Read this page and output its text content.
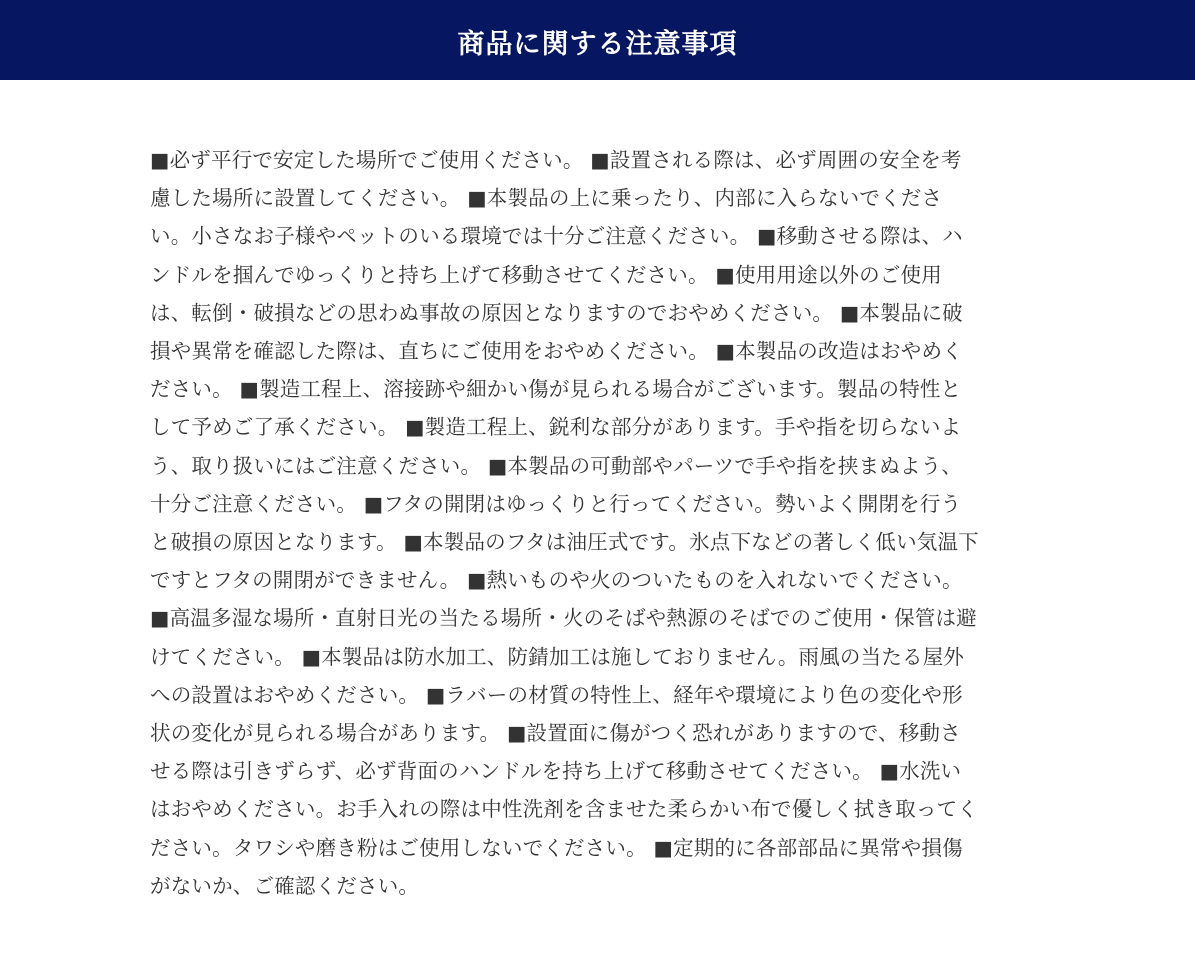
商品に関する注意事項

■必ず平行で安定した場所でご使用ください。 ■設置される際は、必ず周囲の安全を考
慮した場所に設置してください。 ■本製品の上に乗ったり、内部に入らないでくださ
い。小さなお子様やペットのいる環境では十分ご注意ください。 ■移動させる際は、ハ
ンドルを掴んでゆっくりと持ち上げて移動させてください。 ■使用用途以外のご使用
は、転倒・破損などの思わぬ事故の原因となりますのでおやめください。 ■本製品に破
損や異常を確認した際は、直ちにご使用をおやめください。 ■本製品の改造はおやめく
ださい。 ■製造工程上、溶接跡や細かい傷が見られる場合がございます。製品の特性と
して予めご了承ください。 ■製造工程上、鋭利な部分があります。手や指を切らないよ
う、取り扱いにはご注意ください。 ■本製品の可動部やパーツで手や指を挟まぬよう、
十分ご注意ください。 ■フタの開閉はゆっくりと行ってください。勢いよく開閉を行う
と破損の原因となります。 ■本製品のフタは油圧式です。氷点下などの著しく低い気温下
ですとフタの開閉ができません。 ■熱いものや火のついたものを入れないでください。
■高温多湿な場所・直射日光の当たる場所・火のそばや熱源のそばでのご使用・保管は避
けてください。 ■本製品は防水加工、防錆加工は施しておりません。雨風の当たる屋外
への設置はおやめください。 ■ラバーの材質の特性上、経年や環境により色の変化や形
状の変化が見られる場合があります。 ■設置面に傷がつく恐れがありますので、移動さ
せる際は引きずらず、必ず背面のハンドルを持ち上げて移動させてください。 ■水洗い
はおやめください。お手入れの際は中性洗剤を含ませた柔らかい布で優しく拭き取ってく
ださい。タワシや磨き粉はご使用しないでください。 ■定期的に各部部品に異常や損傷
がないか、ご確認ください。
